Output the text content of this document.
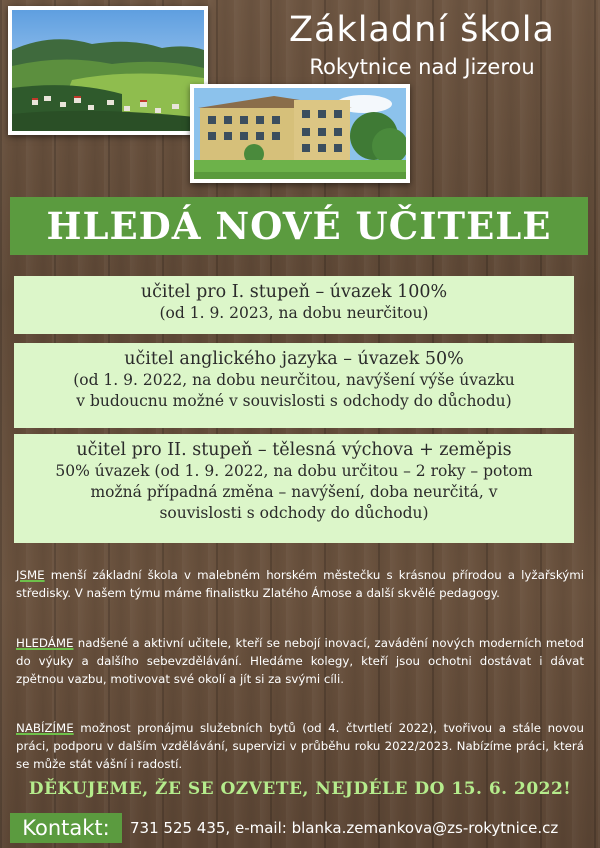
Základní škola
Rokytnice nad Jizerou
HLEDÁ NOVÉ UČITELE
učitel pro I. stupeň – úvazek 100%
(od 1. 9. 2023, na dobu neurčitou)
učitel anglického jazyka – úvazek 50%
(od 1. 9. 2022, na dobu neurčitou, navýšení výše úvazku
v budoucnu možné v souvislosti s odchody do důchodu)
učitel pro II. stupeň – tělesná výchova + zeměpis
50% úvazek (od 1. 9. 2022, na dobu určitou – 2 roky – potom
možná případná změna – navýšení, doba neurčitá, v
souvislosti s odchody do důchodu)
JSME menší základní škola v malebném horském městečku s krásnou přírodou a lyžařskými středisky. V našem týmu máme finalistku Zlatého Ámose a další skvělé pedagogy.
HLEDÁME nadšené a aktivní učitele, kteří se nebojí inovací, zavádění nových moderních metod do výuky a dalšího sebevzdělávání. Hledáme kolegy, kteří jsou ochotni dostávat i dávat zpětnou vazbu, motivovat své okolí a jít si za svými cíli.
NABÍZÍME možnost pronájmu služebních bytů (od 4. čtvrtletí 2022), tvořivou a stále novou práci, podporu v dalším vzdělávání, supervizi v průběhu roku 2022/2023. Nabízíme práci, která se může stát vášní i radostí.
DĚKUJEME, ŽE SE OZVETE, NEJDÉLE DO 15. 6. 2022!
Kontakt:	731 525 435, e-mail: blanka.zemankova@zs-rokytnice.cz
